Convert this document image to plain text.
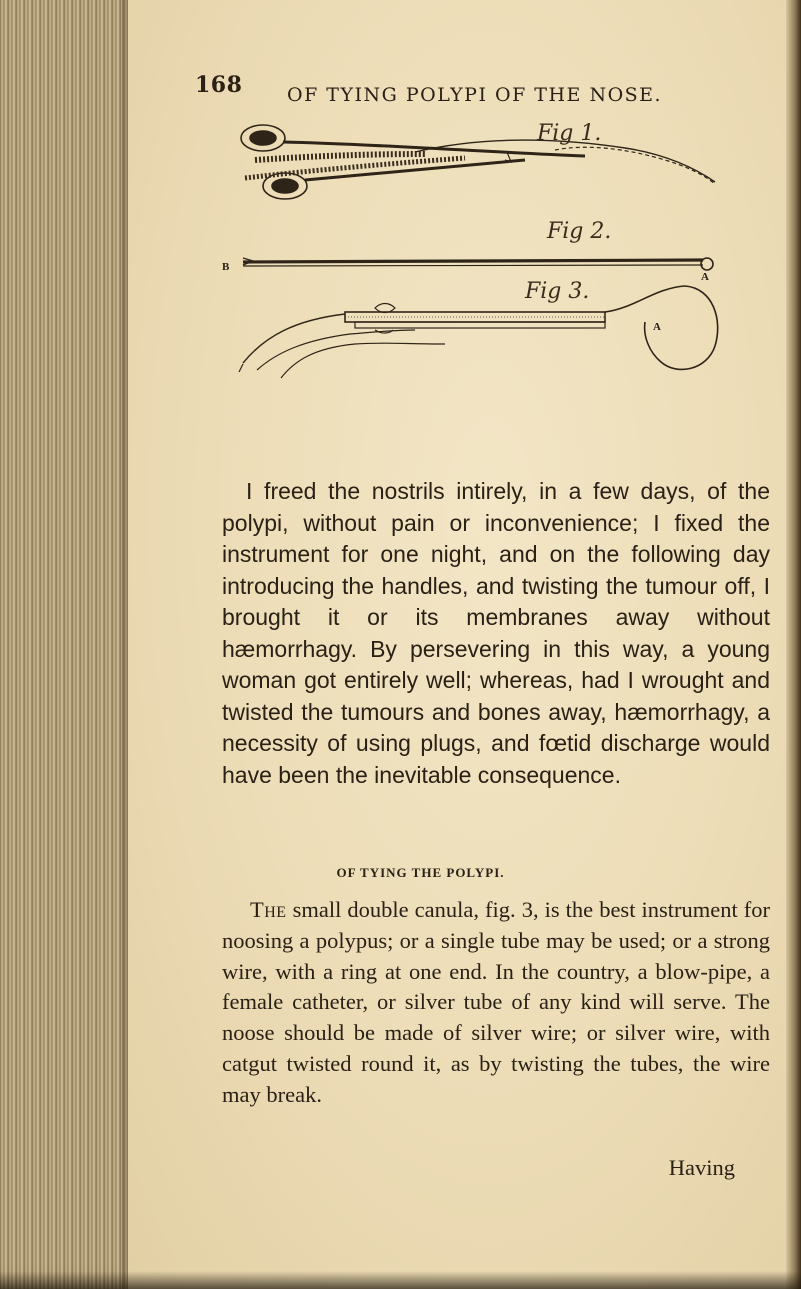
168 OF TYING POLYPI OF THE NOSE.
Fig 1.
Fig 2.
B
A
Fig 3.
A
I freed the nostrils intirely, in a few days, of the polypi, without pain or inconvenience; I fixed the instrument for one night, and on the following day introducing the handles, and twisting the tumour off, I brought it or its membranes away without hæmorrhagy. By persevering in this way, a young woman got entirely well; whereas, had I wrought and twisted the tumours and bones away, hæmorrhagy, a necessity of using plugs, and fœtid discharge would have been the inevitable consequence.
OF TYING THE POLYPI.
The small double canula, fig. 3, is the best instrument for noosing a polypus; or a single tube may be used; or a strong wire, with a ring at one end. In the country, a blow-pipe, a female catheter, or silver tube of any kind will serve. The noose should be made of silver wire; or silver wire, with catgut twisted round it, as by twisting the tubes, the wire may break.
Having
